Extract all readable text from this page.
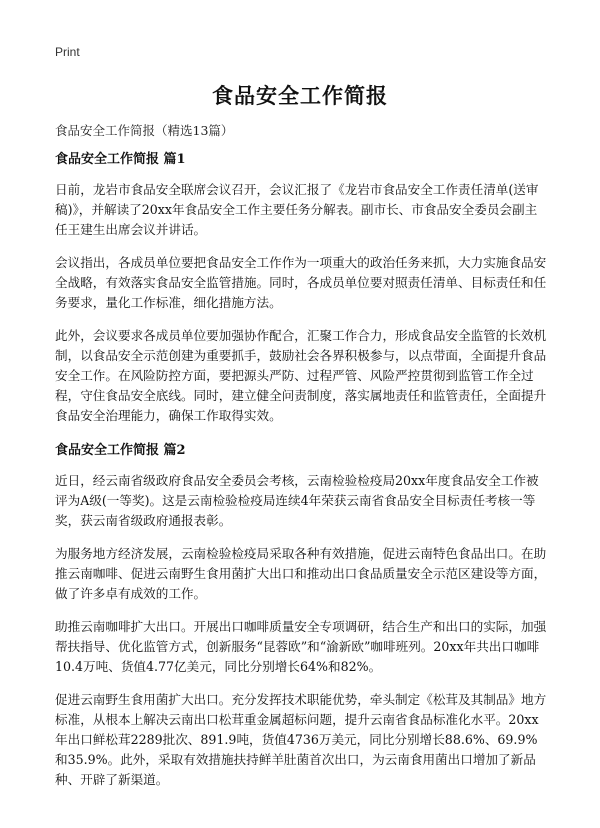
Print
食品安全工作简报
食品安全工作简报（精选13篇）
食品安全工作简报 篇1

日前，龙岩市食品安全联席会议召开，会议汇报了《龙岩市食品安全工作责任清单(送审稿)》，并解读了20xx年食品安全工作主要任务分解表。副市长、市食品安全委员会副主任王建生出席会议并讲话。

会议指出，各成员单位要把食品安全工作作为一项重大的政治任务来抓，大力实施食品安全战略，有效落实食品安全监管措施。同时，各成员单位要对照责任清单、目标责任和任务要求，量化工作标准，细化措施方法。

此外，会议要求各成员单位要加强协作配合，汇聚工作合力，形成食品安全监管的长效机制，以食品安全示范创建为重要抓手，鼓励社会各界积极参与，以点带面，全面提升食品安全工作。在风险防控方面，要把源头严防、过程严管、风险严控贯彻到监管工作全过程，守住食品安全底线。同时，建立健全问责制度，落实属地责任和监管责任，全面提升食品安全治理能力，确保工作取得实效。

食品安全工作简报 篇2

近日，经云南省级政府食品安全委员会考核，云南检验检疫局20xx年度食品安全工作被评为A级(一等奖)。这是云南检验检疫局连续4年荣获云南省食品安全目标责任考核一等奖，获云南省级政府通报表彰。

为服务地方经济发展，云南检验检疫局采取各种有效措施，促进云南特色食品出口。在助推云南咖啡、促进云南野生食用菌扩大出口和推动出口食品质量安全示范区建设等方面，做了许多卓有成效的工作。

助推云南咖啡扩大出口。开展出口咖啡质量安全专项调研，结合生产和出口的实际，加强帮扶指导、优化监管方式，创新服务“昆蓉欧”和“渝新欧”咖啡班列。20xx年共出口咖啡10.4万吨、货值4.77亿美元，同比分别增长64%和82%。

促进云南野生食用菌扩大出口。充分发挥技术职能优势，牵头制定《松茸及其制品》地方标准，从根本上解决云南出口松茸重金属超标问题，提升云南省食品标准化水平。20xx年出口鲜松茸2289批次、891.9吨，货值4736万美元，同比分别增长88.6%、69.9%和35.9%。此外，采取有效措施扶持鲜羊肚菌首次出口，为云南食用菌出口增加了新品种、开辟了新渠道。
